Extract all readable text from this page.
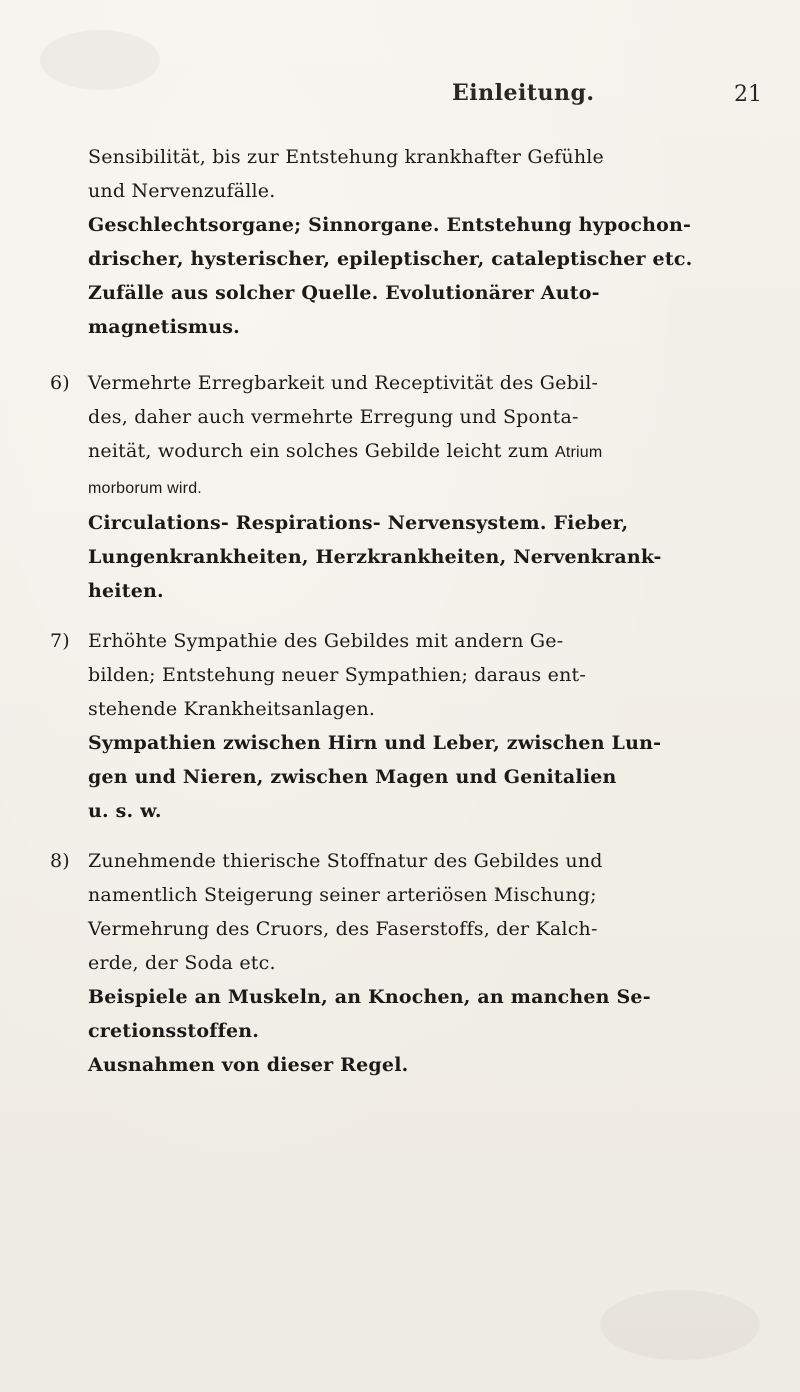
Einleitung.	21
Sensibilität, bis zur Entstehung krankhafter Gefühle
und Nervenzufälle.
Geschlechtsorgane; Sinnorgane. Entstehung hypochon-
drischer, hysterischer, epileptischer, cataleptischer etc.
Zufälle aus solcher Quelle. Evolutionärer Auto-
magnetismus.
6) Vermehrte Erregbarkeit und Receptivität des Gebil-
des, daher auch vermehrte Erregung und Sponta-
neität, wodurch ein solches Gebilde leicht zum Atrium
morborum wird.
Circulations- Respirations- Nervensystem. Fieber,
Lungenkrankheiten, Herzkrankheiten, Nervenkrank-
heiten.
7) Erhöhte Sympathie des Gebildes mit andern Ge-
bilden; Entstehung neuer Sympathien; daraus ent-
stehende Krankheitsanlagen.
Sympathien zwischen Hirn und Leber, zwischen Lun-
gen und Nieren, zwischen Magen und Genitalien
u. s. w.
8) Zunehmende thierische Stoffnatur des Gebildes und
namentlich Steigerung seiner arteriösen Mischung;
Vermehrung des Cruors, des Faserstoffs, der Kalch-
erde, der Soda etc.
Beispiele an Muskeln, an Knochen, an manchen Se-
cretionsstoffen.
Ausnahmen von dieser Regel.
